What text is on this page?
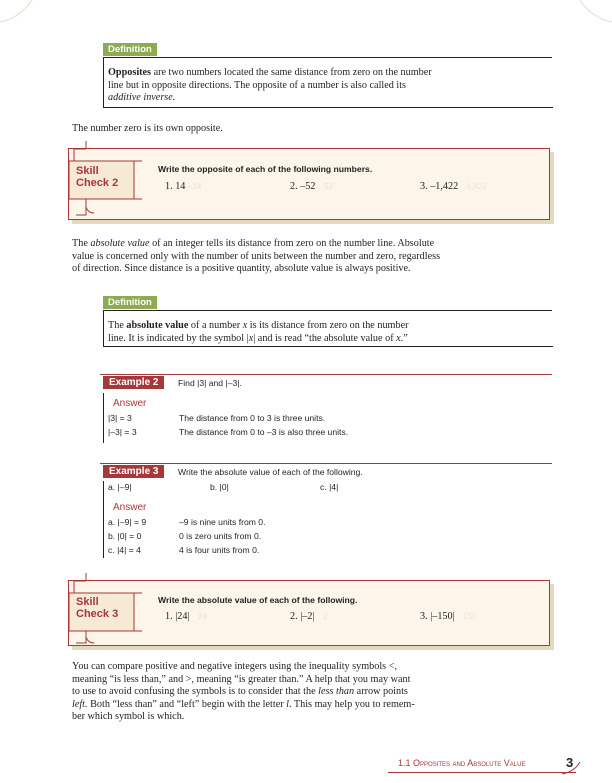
Definition
Opposites are two numbers located the same distance from zero on the number line but in opposite directions. The opposite of a number is also called its additive inverse.
The number zero is its own opposite.
Skill
Check 2
Write the opposite of each of the following numbers.
1. 14 –14	2. –52 52	3. –1,422 1,422
The absolute value of an integer tells its distance from zero on the number line. Absolute value is concerned only with the number of units between the number and zero, regardless of direction. Since distance is a positive quantity, absolute value is always positive.
Definition
The absolute value of a number x is its distance from zero on the number
line. It is indicated by the symbol |x| and is read “the absolute value of x.”
Example 2	Find |3| and |–3|.
Answer
|3| = 3	The distance from 0 to 3 is three units.
|–3| = 3	The distance from 0 to –3 is also three units.
Example 3	Write the absolute value of each of the following.
a. |–9|	b. |0|	c. |4|
Answer
a. |–9| = 9	–9 is nine units from 0.
b. |0| = 0	0 is zero units from 0.
c. |4| = 4	4 is four units from 0.
Skill
Check 3
Write the absolute value of each of the following.
1. |24| 24	2. |–2| 2	3. |–150| 150
You can compare positive and negative integers using the inequality symbols <,
meaning “is less than,” and >, meaning “is greater than.” A help that you may want
to use to avoid confusing the symbols is to consider that the less than arrow points
left. Both “less than” and “left” begin with the letter l. This may help you to remem-
ber which symbol is which.
1.1 Opposites and Absolute Value	3
